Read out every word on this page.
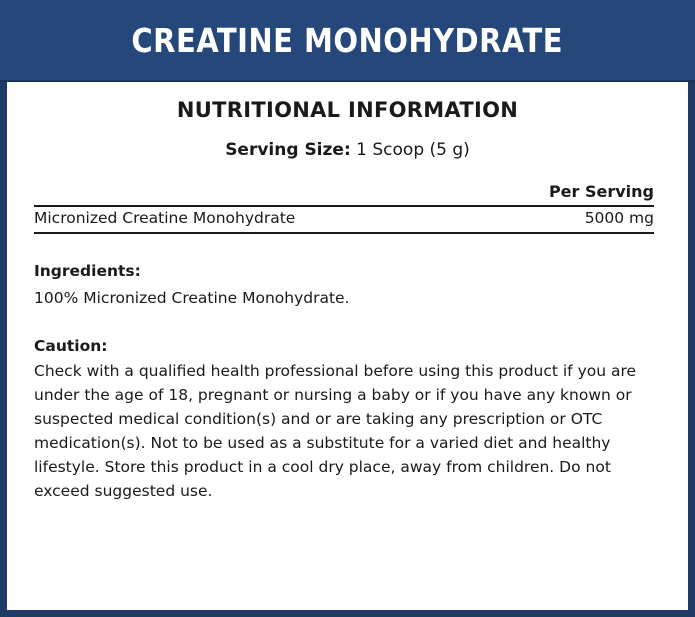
CREATINE MONOHYDRATE
NUTRITIONAL INFORMATION
Serving Size: 1 Scoop (5 g)
Per Serving
Micronized Creatine Monohydrate	5000 mg
Ingredients:
100% Micronized Creatine Monohydrate.
Caution:
Check with a qualified health professional before using this product if you are under the age of 18, pregnant or nursing a baby or if you have any known or suspected medical condition(s) and or are taking any prescription or OTC medication(s). Not to be used as a substitute for a varied diet and healthy lifestyle. Store this product in a cool dry place, away from children. Do not exceed suggested use.
